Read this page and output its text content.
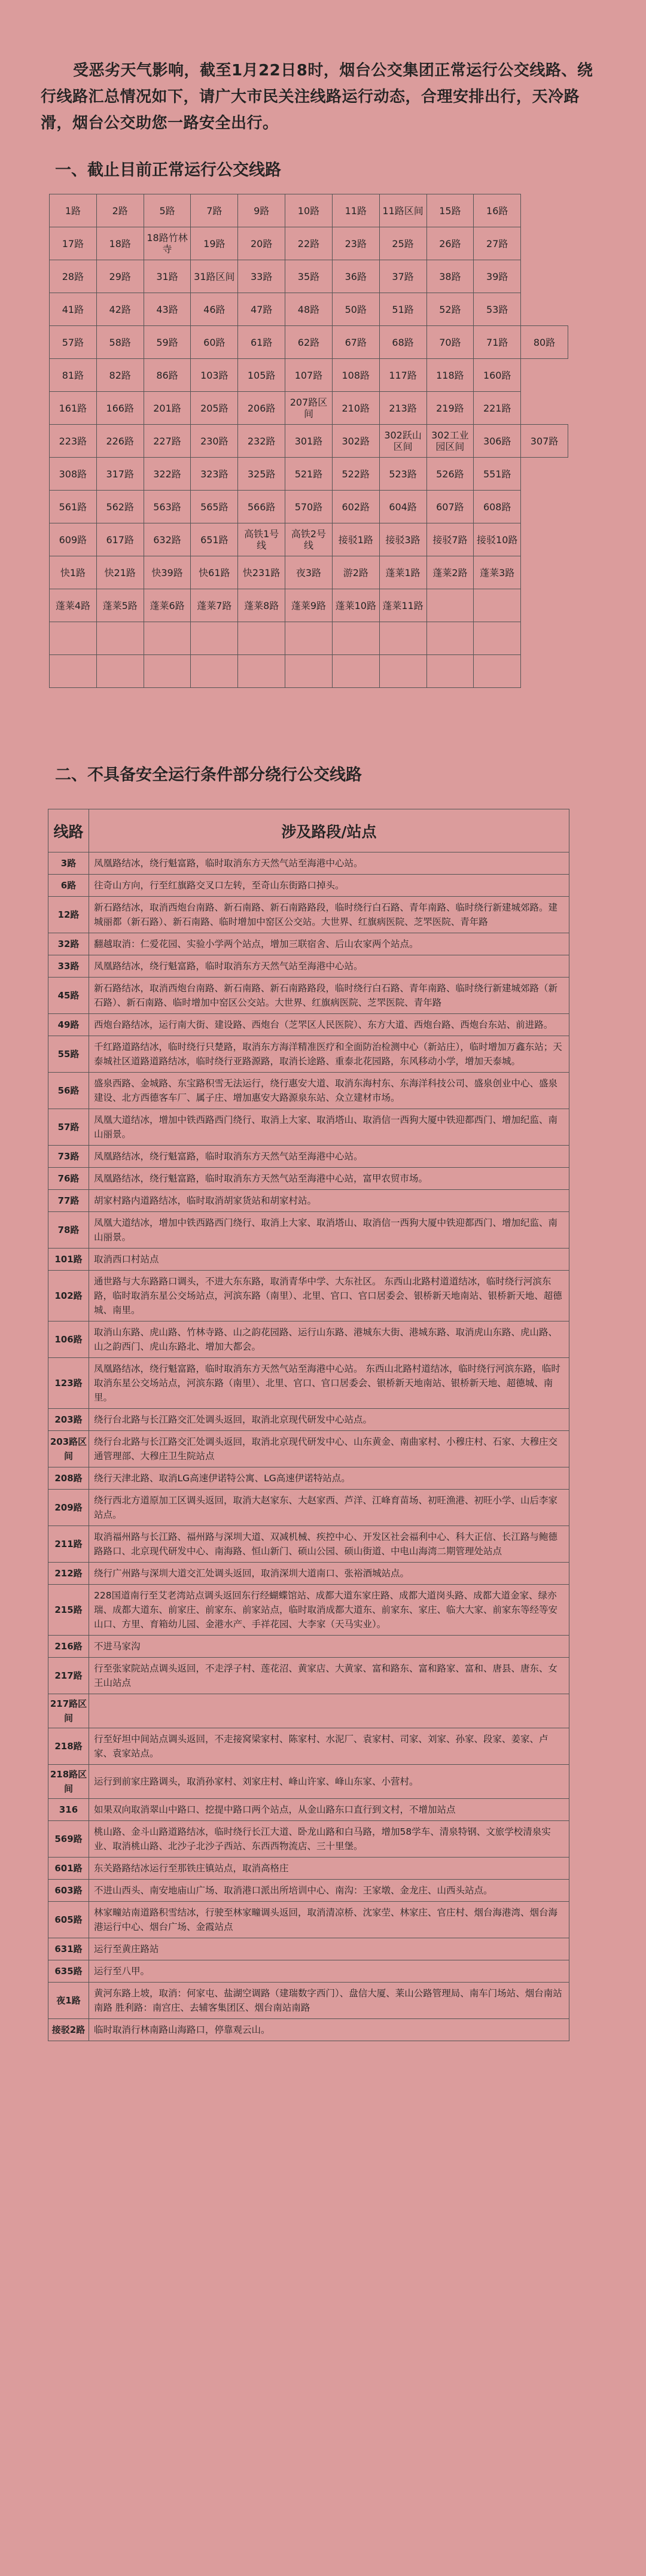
受恶劣天气影响，截至1月22日8时，烟台公交集团正常运行公交线路、绕行线路汇总情况如下，请广大市民关注线路运行动态，合理安排出行，天冷路滑，烟台公交助您一路安全出行。

一、截止目前正常运行公交线路
1路	2路	5路	7路	9路	10路	11路	11路区间	15路	16路	
17路	18路	18路竹林寺	19路	20路	22路	23路	25路	26路	27路	
28路	29路	31路	31路区间	33路	35路	36路	37路	38路	39路	
41路	42路	43路	46路	47路	48路	50路	51路	52路	53路	
57路	58路	59路	60路	61路	62路	67路	68路	70路	71路	80路
81路	82路	86路	103路	105路	107路	108路	117路	118路	160路	
161路	166路	201路	205路	206路	207路区间	210路	213路	219路	221路	
223路	226路	227路	230路	232路	301路	302路	302跃山区间	302工业园区间	306路	307路
308路	317路	322路	323路	325路	521路	522路	523路	526路	551路	
561路	562路	563路	565路	566路	570路	602路	604路	607路	608路	
609路	617路	632路	651路	高铁1号线	高铁2号线	接驳1路	接驳3路	接驳7路	接驳10路	
快1路	快21路	快39路	快61路	快231路	夜3路	游2路	蓬莱1路	蓬莱2路	蓬莱3路	
蓬莱4路	蓬莱5路	蓬莱6路	蓬莱7路	蓬莱8路	蓬莱9路	蓬莱10路	蓬莱11路			

二、不具备安全运行条件部分绕行公交线路
线路	涉及路段/站点
3路	凤凰路结冰，绕行魁富路，临时取消东方天然气站至海港中心站。
6路	往奇山方向，行至红旗路交叉口左转，至奇山东街路口掉头。
12路	新石路结冰，取消西炮台南路、新石南路、新石南路路段，临时绕行白石路、青年南路、临时绕行新建城郊路。建城丽都（新石路）、新石南路、临时增加中窑区公交站。大世界、红旗病医院、芝罘医院、青年路
32路	翻越取消：仁爱花园、实验小学两个站点，增加三联宿舍、后山农家两个站点。
33路	凤凰路结冰，绕行魁富路，临时取消东方天然气站至海港中心站。
45路	新石路结冰，取消西炮台南路、新石南路、新石南路路段，临时绕行白石路、青年南路、临时绕行新建城郊路（新石路）、新石南路、临时增加中窑区公交站。大世界、红旗病医院、芝罘医院、青年路
49路	西炮台路结冰，运行南大街、建设路、西炮台（芝罘区人民医院）、东方大道、西炮台路、西炮台东站、前进路。
55路	千红路道路结冰，临时绕行只楚路，取消东方海洋精准医疗和全面防治检测中心（新站庄），临时增加万鑫东站；天泰城社区道路道路结冰，临时绕行亚路源路，取消长途路、重泰北花园路，东风移动小学，增加天泰城。
56路	盛泉西路、金城路、东宝路积雪无法运行，绕行惠安大道、取消东海村东、东海洋科技公司、盛泉创业中心、盛泉建设、北方西德客车厂、属子庄、增加惠安大路源泉东站、众立建材市场。
57路	凤凰大道结冰，增加中铁西路西门绕行、取消上大家、取消塔山、取消信一西狗大厦中铁迎都西门、增加纪监、南山丽景。
73路	凤凰路结冰，绕行魁富路，临时取消东方天然气站至海港中心站。
76路	凤凰路结冰，绕行魁富路，临时取消东方天然气站至海港中心站，富甲农贸市场。
77路	胡家村路内道路结冰，临时取消胡家货站和胡家村站。
78路	凤凰大道结冰，增加中铁西路西门绕行、取消上大家、取消塔山、取消信一西狗大厦中铁迎都西门、增加纪监、南山丽景。
101路	取消西口村站点
102路	通世路与大东路路口调头，不进大东东路，取消青华中学、大东社区。 东西山北路村道道结冰，临时绕行河滨东路，临时取消东星公交场站点，河滨东路（南里）、北里、官口、官口居委会、银桥新天地南站、银桥新天地、超德城、南里。
106路	取消山东路、虎山路、竹林寺路、山之韵花园路、运行山东路、港城东大街、港城东路、取消虎山东路、虎山路、山之韵西门、虎山东路北、增加大都会。
123路	凤凰路结冰，绕行魁富路，临时取消东方天然气站至海港中心站。 东西山北路村道结冰，临时绕行河滨东路，临时取消东星公交场站点，河滨东路（南里）、北里、官口、官口居委会、银桥新天地南站、银桥新天地、超德城、南里。
203路	绕行台北路与长江路交汇处调头返回，取消北京现代研发中心站点。
203路区间	绕行台北路与长江路交汇处调头返回，取消北京现代研发中心、山东黄金、南曲家村、小穆庄村、石家、大穆庄交通管理部、大穆庄卫生院站点
208路	绕行天津北路、取消LG高速伊诺特公寓、LG高速伊诺特站点。
209路	绕行西北方道原加工区调头返回，取消大赵家东、大赵家西、芦洋、江峰育苗场、初旺渔港、初旺小学、山后李家站点。
211路	取消福州路与长江路、福州路与深圳大道、双减机械、疾控中心、开发区社会福利中心、科大正信、长江路与鲍德路路口、北京现代研发中心、南海路、恒山新门、硕山公园、硕山街道、中电山海湾二期管理处站点
212路	绕行广州路与深圳大道交汇处调头返回，取消深圳大道南口、张裕酒城站点。
215路	228国道南行至艾老湾站点调头返回东行经蝴蝶馆站、成都大道东家庄路、成都大道岗头路、成都大道金家、绿亦瑞、成都大道东、前家庄、前家东、前家站点，临时取消成都大道东、前家东、家庄、临大大家、前家东等经等安山口、方里、育箱幼儿园、金港水产、手祥花园、大李家（天马实业）。
216路	不进马家沟
217路	行至张家院站点调头返回，不走浮子村、莲花沼、黄家店、大黄家、富和路东、富和路家、富和、唐县、唐东、女王山站点
217路区间	
218路	行至好坦中间站点调头返回，不走接窝梁家村、陈家村、水泥厂、袁家村、司家、刘家、孙家、段家、姜家、卢家、袁家站点。
218路区间	运行到前家庄路调头，取消孙家村、刘家庄村、峰山许家、峰山东家、小营村。
316	如果双向取消翠山中路口、挖提中路口两个站点，从金山路东口直行到文村，不增加站点
569路	桃山路、金斗山路道路结冰，临时绕行长江大道、卧龙山路和白马路，增加58学车、清泉特钢、文旅学校清泉实业、取消桃山路、北沙子北沙子西站、东西西物流店、三十里堡。
601路	东关路路结冰运行至那铁庄镇站点，取消高格庄
603路	不进山西头、南安地庙山广场、取消港口派出所培训中心、南沟：王家墩、金龙庄、山西头站点。
605路	林家疃站南道路积雪结冰，行驶至林家疃调头返回，取消清凉桥、沈家茔、林家庄、官庄村、烟台海港湾、烟台海港运行中心、烟台广场、金霞站点
631路	运行至黄庄路站
635路	运行至八甲。
夜1路	黄河东路上坡，取消：何家屯、盐湖空调路（建瑞数字西门）、盘信大厦、莱山公路管理局、南车门场站、烟台南站南路 胜利路：南宫庄、去辅客集团区、烟台南站南路
接驳2路	临时取消行林南路山海路口，停靠观云山。
